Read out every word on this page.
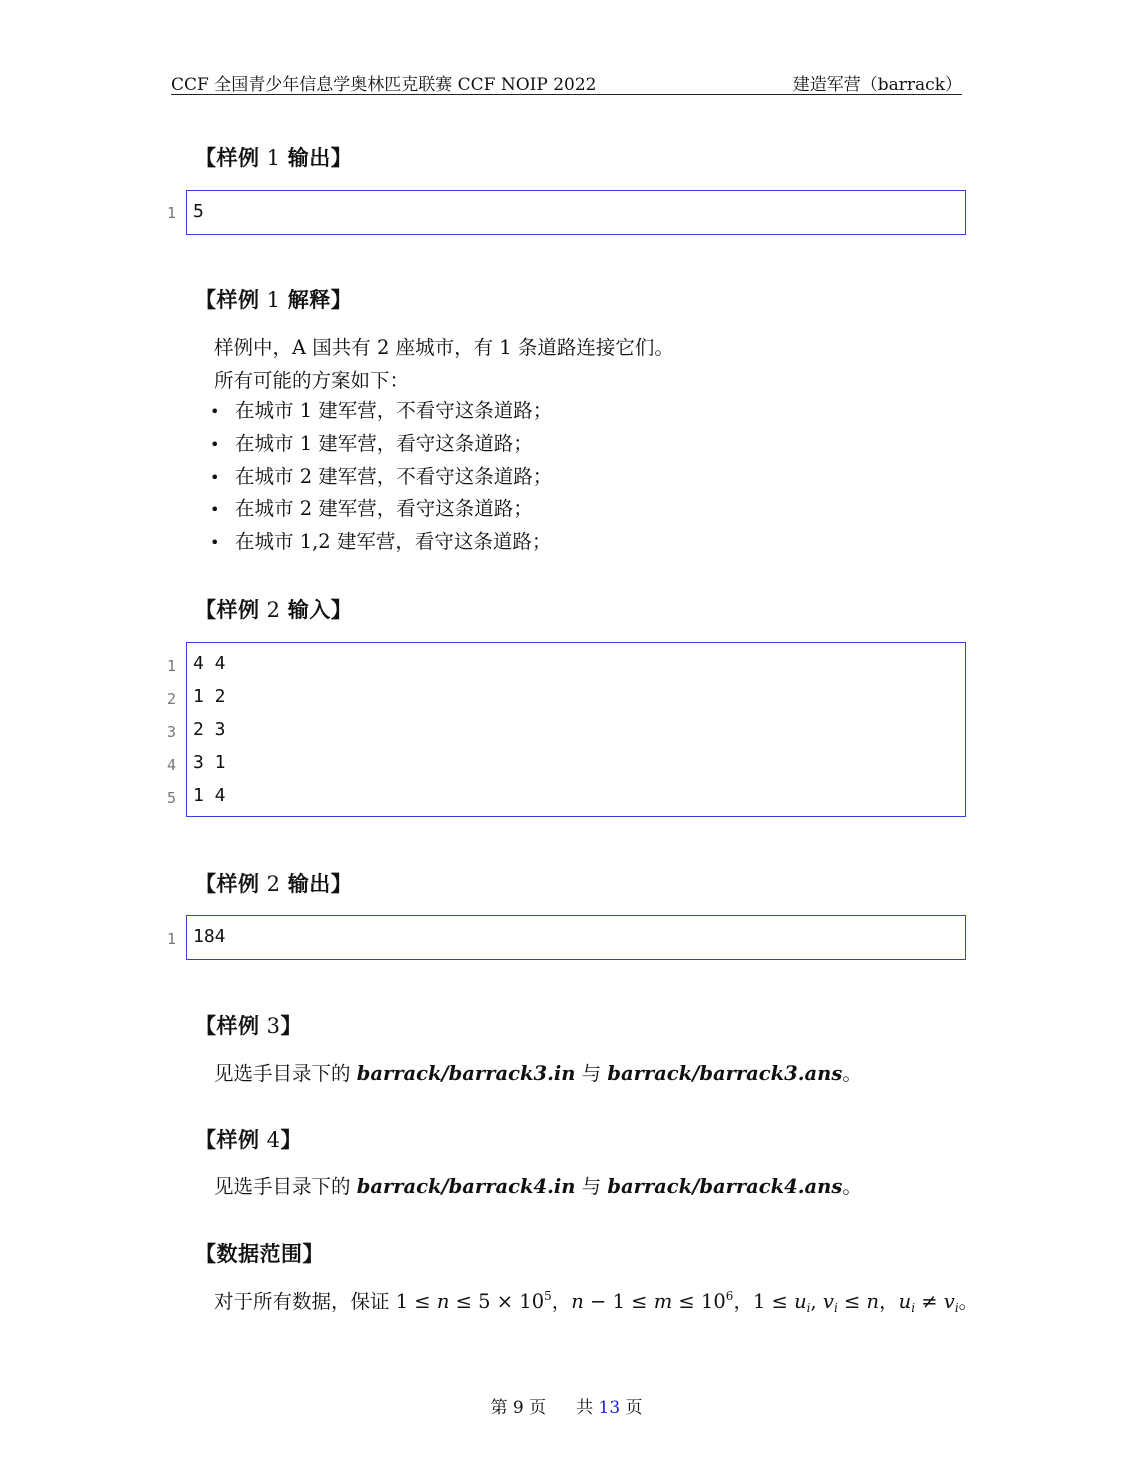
CCF 全国青少年信息学奥林匹克联赛 CCF NOIP 2022	建造军营（barrack）
【样例 1 输出】
1 5
【样例 1 解释】
样例中，A 国共有 2 座城市，有 1 条道路连接它们。
所有可能的方案如下：
• 在城市 1 建军营，不看守这条道路；
• 在城市 1 建军营，看守这条道路；
• 在城市 2 建军营，不看守这条道路；
• 在城市 2 建军营，看守这条道路；
• 在城市 1,2 建军营，看守这条道路；
【样例 2 输入】
1 4 4
2 1 2
3 2 3
4 3 1
5 1 4
【样例 2 输出】
1 184
【样例 3】
见选手目录下的 barrack/barrack3.in 与 barrack/barrack3.ans。
【样例 4】
见选手目录下的 barrack/barrack4.in 与 barrack/barrack4.ans。
【数据范围】
对于所有数据，保证 $1 \le n \le 5 \times 10^5$，$n - 1 \le m \le 10^6$，$1 \le u_i$, $v_i \le n$，$u_i \ne v_i$。
第 9 页 共 13 页
